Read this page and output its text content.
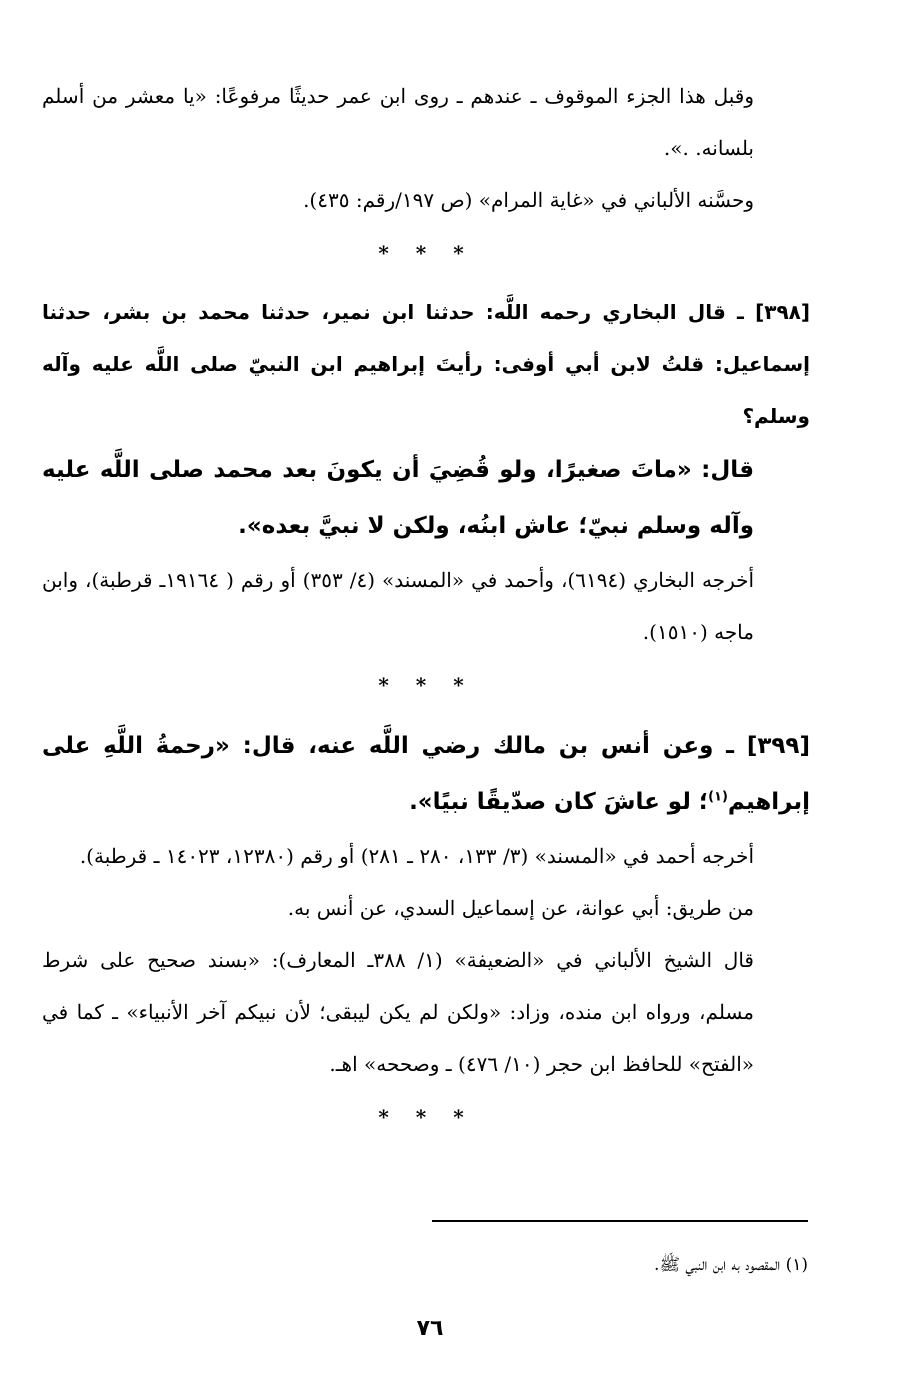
وقبل هذا الجزء الموقوف ـ عندهم ـ روى ابن عمر حديثًا مرفوعًا: «يا معشر من أسلم بلسانه. .».

وحسَّنه الألباني في «غاية المرام» (ص ١٩٧/رقم: ٤٣٥).

* * *

[٣٩٨] ـ قال البخاري رحمه اللَّه: حدثنا ابن نمير، حدثنا محمد بن بشر، حدثنا إسماعيل: قلتُ لابن أبي أوفى: رأيتَ إبراهيم ابن النبيّ صلى اللَّه عليه وآله وسلم؟

قال: «ماتَ صغيرًا، ولو قُضِيَ أن يكونَ بعد محمد صلى اللَّه عليه وآله وسلم نبيّ؛ عاش ابنُه، ولكن لا نبيَّ بعده».

أخرجه البخاري (٦١٩٤)، وأحمد في «المسند» (٤/ ٣٥٣) أو رقم ( ١٩١٦٤ـ قرطبة)، وابن ماجه (١٥١٠).

* * *

[٣٩٩] ـ وعن أنس بن مالك رضي اللَّه عنه، قال: «رحمةُ اللَّهِ على إبراهيم$^{(١)}$؛ لو عاشَ كان صدّيقًا نبيًا».

أخرجه أحمد في «المسند» (٣/ ١٣٣، ٢٨٠ ـ ٢٨١) أو رقم (١٢٣٨٠، ١٤٠٢٣ ـ قرطبة).

من طريق: أبي عوانة، عن إسماعيل السدي، عن أنس به.

قال الشيخ الألباني في «الضعيفة» (١/ ٣٨٨ـ المعارف): «بسند صحيح على شرط مسلم، ورواه ابن منده، وزاد: «ولكن لم يكن ليبقى؛ لأن نبيكم آخر الأنبياء» ـ كما في «الفتح» للحافظ ابن حجر (١٠/ ٤٧٦) ـ وصححه» اهـ.

* * *

(١) المقصود به ابن النبي ﷺ.
٧٦
